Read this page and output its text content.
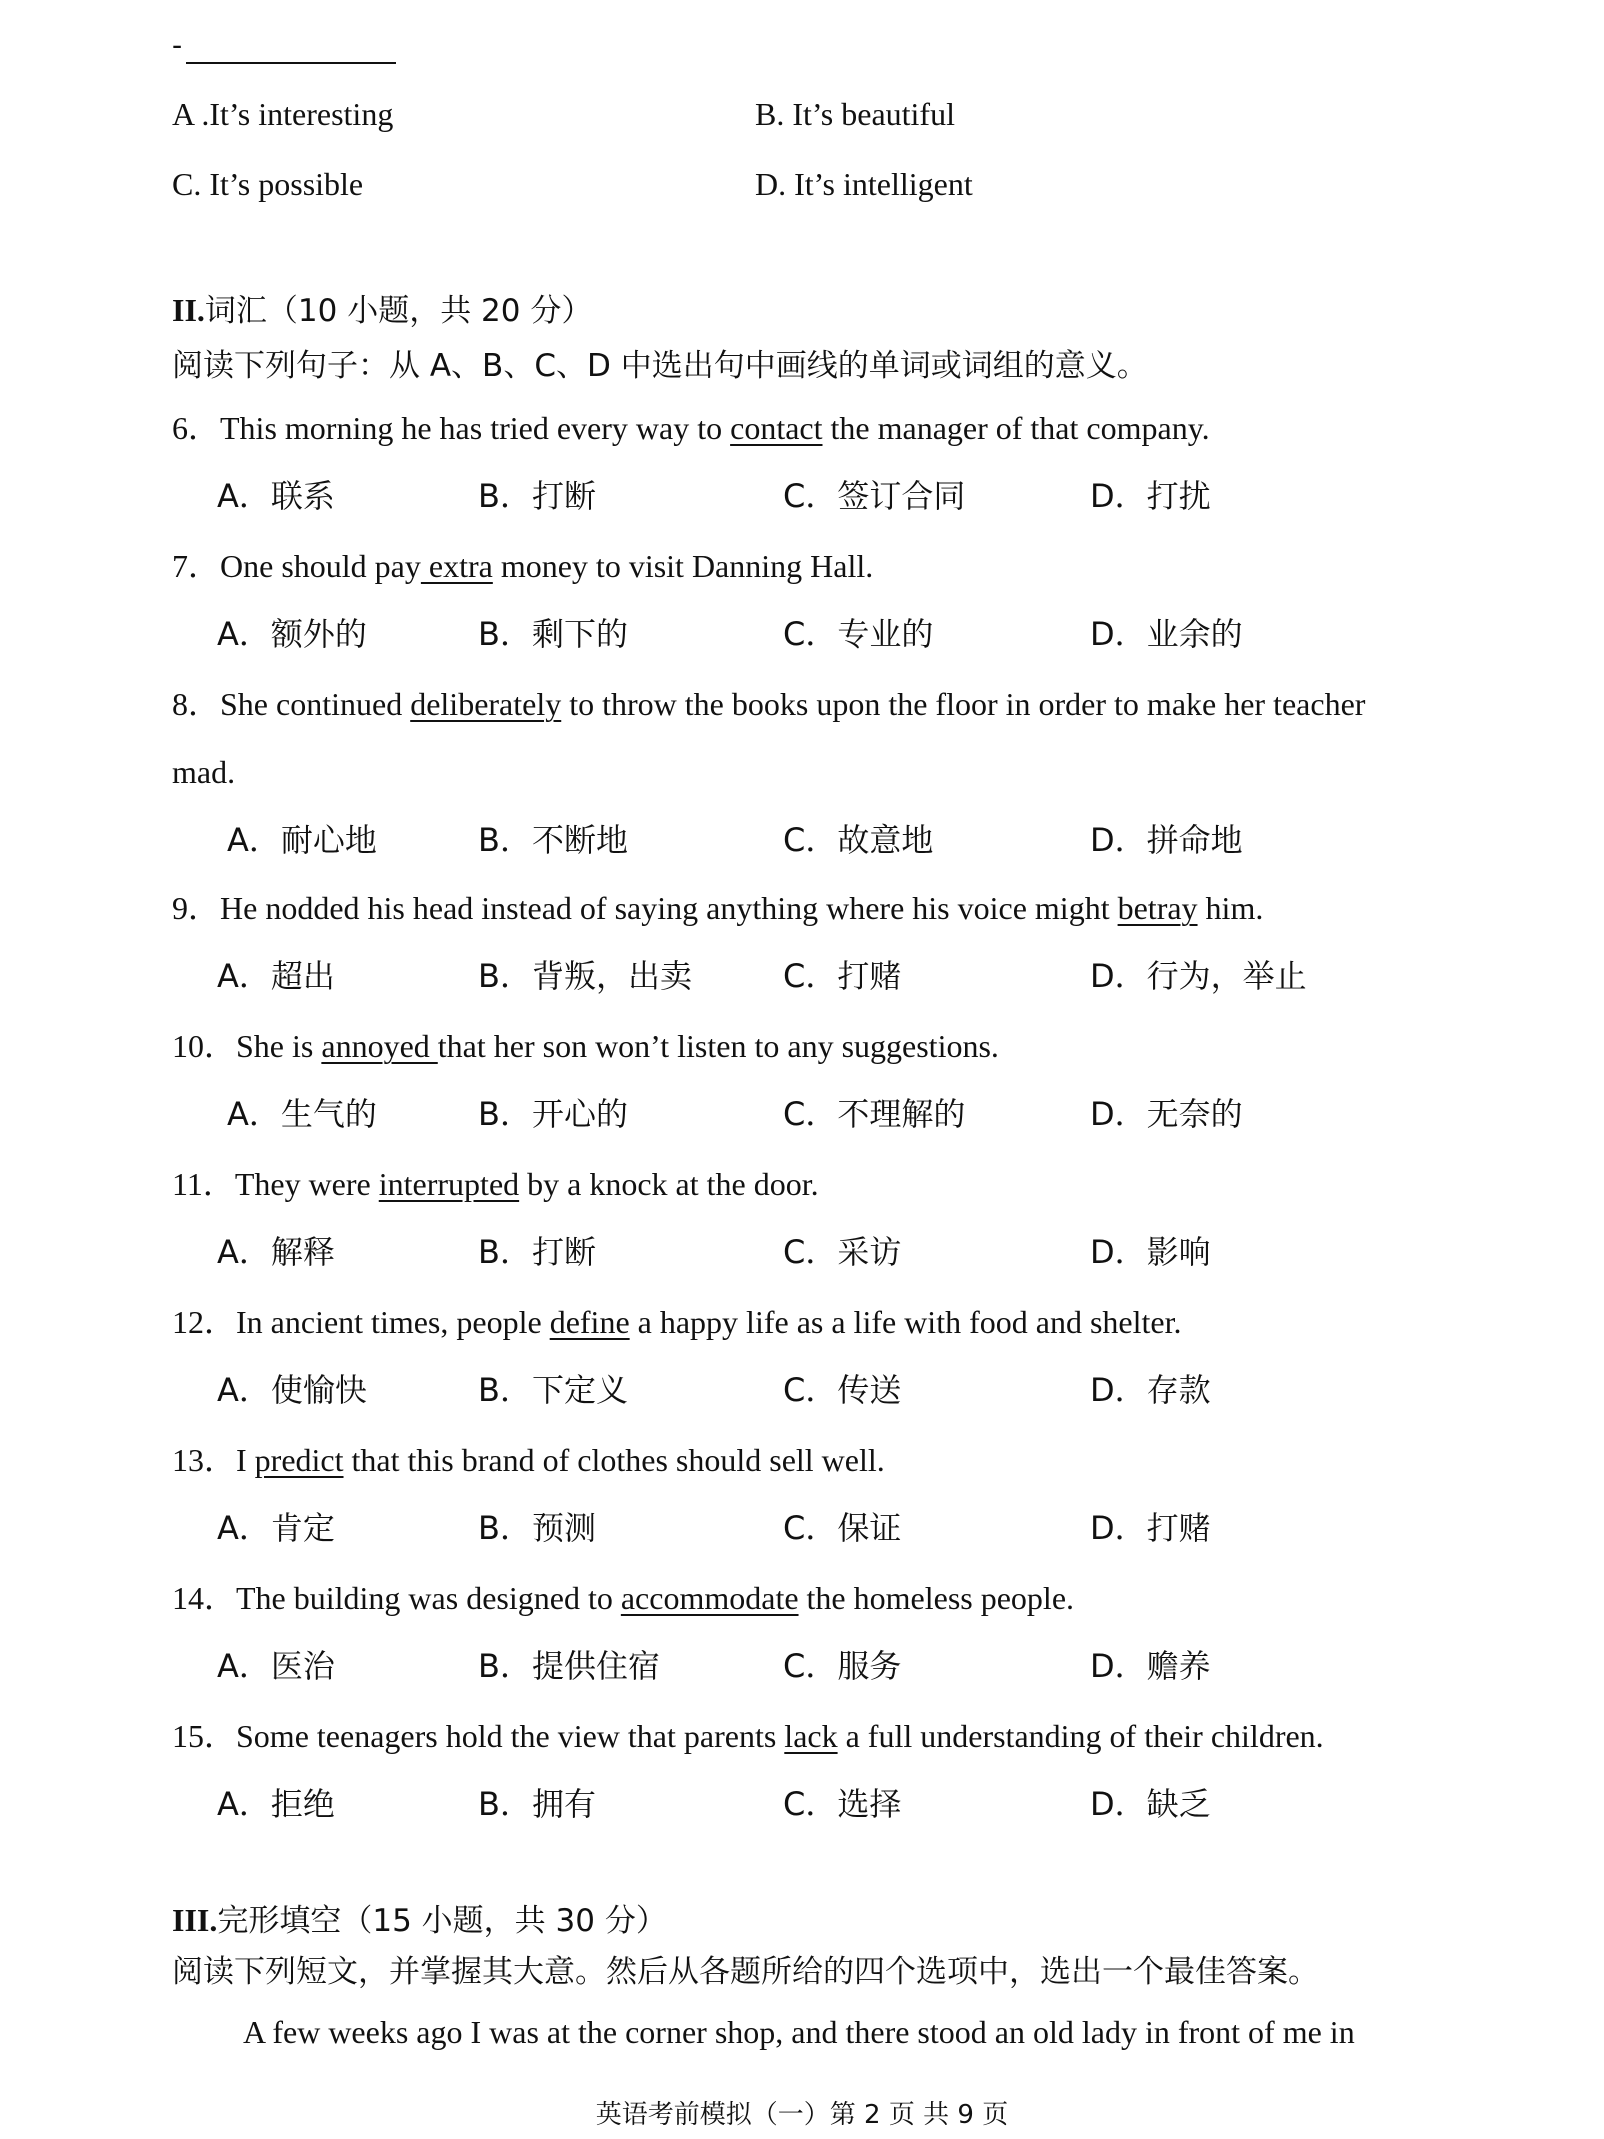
-
A .It’s interesting	B. It’s beautiful
C. It’s possible	D. It’s intelligent
II.词汇（10 小题，共 20 分）
阅读下列句子：从 A、B、C、D 中选出句中画线的单词或词组的意义。
6．This morning he has tried every way to contact the manager of that company.
A．联系	B．打断	C．签订合同	D．打扰
7．One should pay extra money to visit Danning Hall.
A．额外的	B．剩下的	C．专业的	D．业余的
8．She continued deliberately to throw the books upon the floor in order to make her teacher
mad.
A．耐心地	B．不断地	C．故意地	D．拼命地
9．He nodded his head instead of saying anything where his voice might betray him.
A．超出	B．背叛，出卖	C．打赌	D．行为，举止
10．She is annoyed that her son won’t listen to any suggestions.
A．生气的	B．开心的	C．不理解的	D．无奈的
11．They were interrupted by a knock at the door.
A．解释	B．打断	C．采访	D．影响
12．In ancient times, people define a happy life as a life with food and shelter.
A．使愉快	B．下定义	C．传送	D．存款
13．I predict that this brand of clothes should sell well.
A．肯定	B．预测	C．保证	D．打赌
14．The building was designed to accommodate the homeless people.
A．医治	B．提供住宿	C．服务	D．赡养
15．Some teenagers hold the view that parents lack a full understanding of their children.
A．拒绝	B．拥有	C．选择	D．缺乏
III.完形填空（15 小题，共 30 分）
阅读下列短文，并掌握其大意。然后从各题所给的四个选项中，选出一个最佳答案。
A few weeks ago I was at the corner shop, and there stood an old lady in front of me in
英语考前模拟（一）第 2 页 共 9 页
